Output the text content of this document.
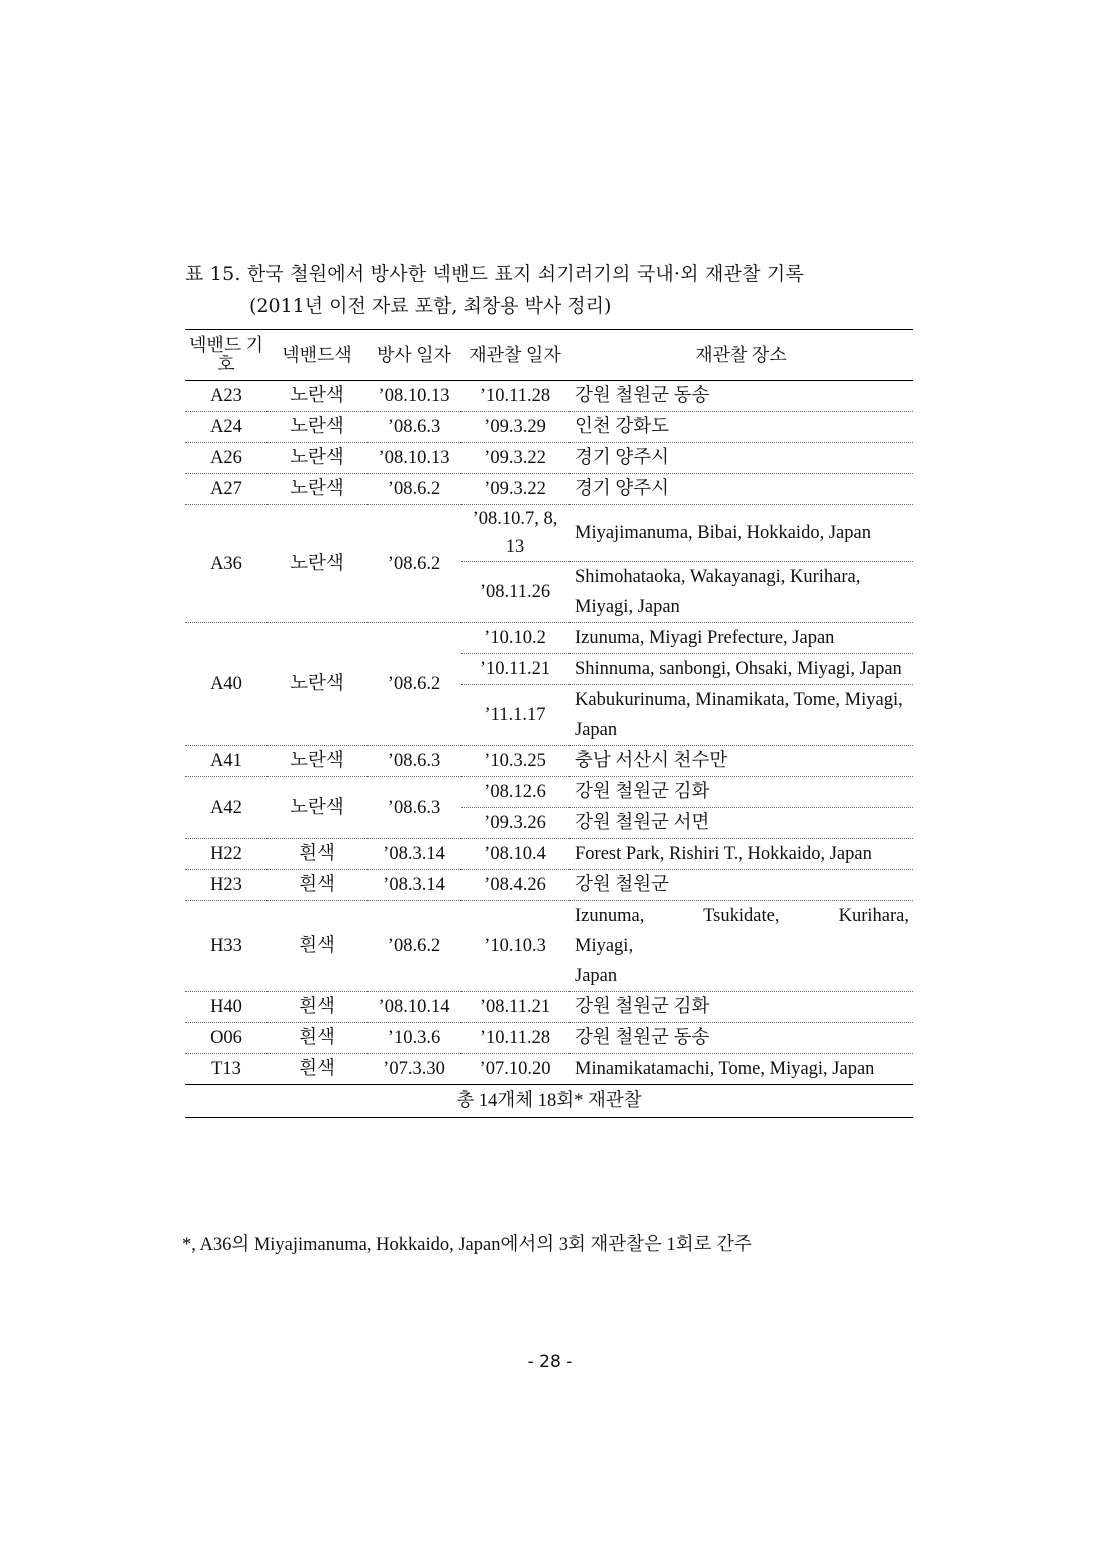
표 15. 한국 철원에서 방사한 넥밴드 표지 쇠기러기의 국내·외 재관찰 기록
(2011년 이전 자료 포함, 최창용 박사 정리)
넥밴드 기호	넥밴드색	방사 일자	재관찰 일자	재관찰 장소
A23	노란색	’08.10.13	’10.11.28	강원 철원군 동송
A24	노란색	’08.6.3	’09.3.29	인천 강화도
A26	노란색	’08.10.13	’09.3.22	경기 양주시
A27	노란색	’08.6.2	’09.3.22	경기 양주시
A36	노란색	’08.6.2	’08.10.7, 8, 13	Miyajimanuma, Bibai, Hokkaido, Japan
			’08.11.26	Shimohataoka, Wakayanagi, Kurihara, Miyagi, Japan
A40	노란색	’08.6.2	’10.10.2	Izunuma, Miyagi Prefecture, Japan
			’10.11.21	Shinnuma, sanbongi, Ohsaki, Miyagi, Japan
			’11.1.17	Kabukurinuma, Minamikata, Tome, Miyagi, Japan
A41	노란색	’08.6.3	’10.3.25	충남 서산시 천수만
A42	노란색	’08.6.3	’08.12.6	강원 철원군 김화
			’09.3.26	강원 철원군 서면
H22	흰색	’08.3.14	’08.10.4	Forest Park, Rishiri T., Hokkaido, Japan
H23	흰색	’08.3.14	’08.4.26	강원 철원군
H33	흰색	’08.6.2	’10.10.3	Izunuma, Tsukidate, Kurihara,
Miyagi,
Japan

H40	흰색	’08.10.14	’08.11.21	강원 철원군 김화
O06	흰색	’10.3.6	’10.11.28	강원 철원군 동송
T13	흰색	’07.3.30	’07.10.20	Minamikatamachi, Tome, Miyagi, Japan
총 14개체 18회* 재관찰				
*, A36의 Miyajimanuma, Hokkaido, Japan에서의 3회 재관찰은 1회로 간주
- 28 -
